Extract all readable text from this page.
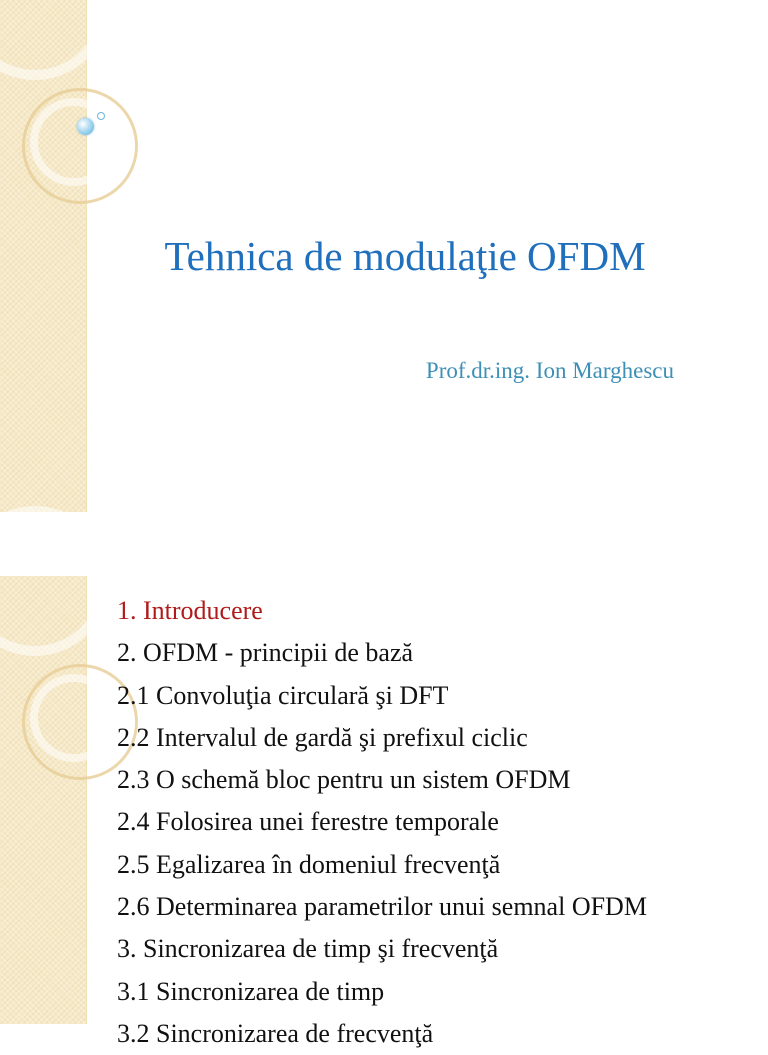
Tehnica de modulaţie OFDM
Prof.dr.ing. Ion Marghescu
1. Introducere
2. OFDM - principii de bază
2.1 Convoluţia circulară şi DFT
2.2 Intervalul de gardă şi prefixul ciclic
2.3 O schemă bloc pentru un sistem OFDM
2.4 Folosirea unei ferestre temporale
2.5 Egalizarea în domeniul frecvenţă
2.6 Determinarea parametrilor unui semnal OFDM
3. Sincronizarea de timp şi frecvenţă
3.1 Sincronizarea de timp
3.2 Sincronizarea de frecvenţă
